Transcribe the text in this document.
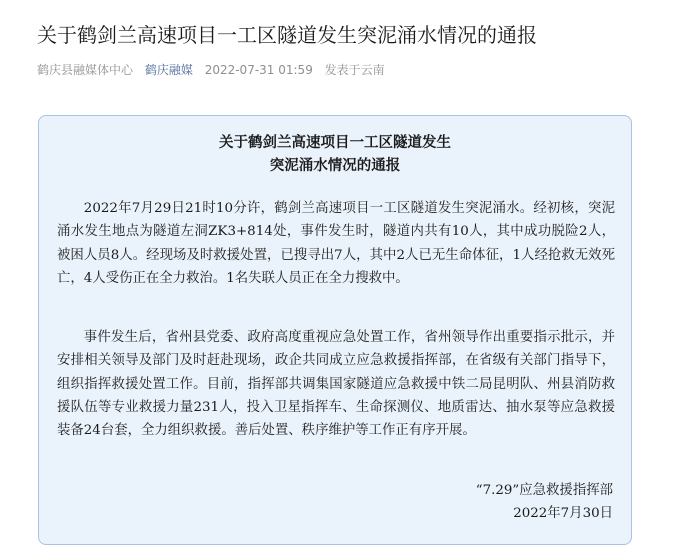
关于鹤剑兰高速项目一工区隧道发生突泥涌水情况的通报
鹤庆县融媒体中心 鹤庆融媒 2022-07-31 01:59 发表于云南
关于鹤剑兰高速项目一工区隧道发生
突泥涌水情况的通报

2022年7月29日21时10分许，鹤剑兰高速项目一工区隧道发生突泥涌水。经初核，突泥涌水发生地点为隧道左洞ZK3+814处，事件发生时，隧道内共有10人，其中成功脱险2人，被困人员8人。经现场及时救援处置，已搜寻出7人，其中2人已无生命体征，1人经抢救无效死亡，4人受伤正在全力救治。1名失联人员正在全力搜救中。

事件发生后，省州县党委、政府高度重视应急处置工作，省州领导作出重要指示批示，并安排相关领导及部门及时赶赴现场，政企共同成立应急救援指挥部，在省级有关部门指导下，组织指挥救援处置工作。目前，指挥部共调集国家隧道应急救援中铁二局昆明队、州县消防救援队伍等专业救援力量231人，投入卫星指挥车、生命探测仪、地质雷达、抽水泵等应急救援装备24台套，全力组织救援。善后处置、秩序维护等工作正有序开展。

“7.29”应急救援指挥部
2022年7月30日
